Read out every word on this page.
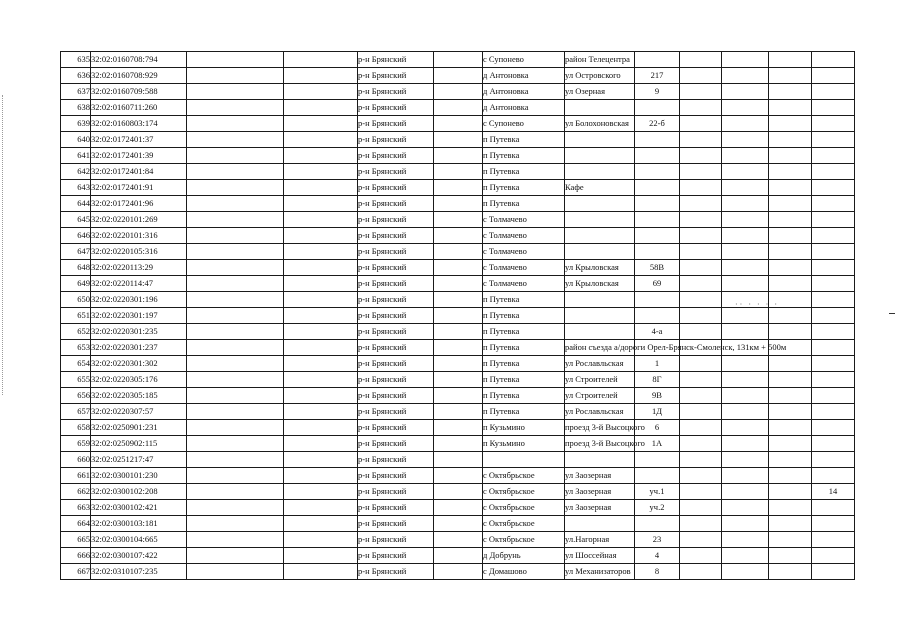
635	32:02:0160708:794			р-н Брянский		с Супонево	район Телецентра					
636	32:02:0160708:929			р-н Брянский		д Антоновка	ул Островского	217				
637	32:02:0160709:588			р-н Брянский		д Антоновка	ул Озерная	9				
638	32:02:0160711:260			р-н Брянский		д Антоновка						
639	32:02:0160803:174			р-н Брянский		с Супонево	ул Болохоновская	22-б				
640	32:02:0172401:37			р-н Брянский		п Путевка						
641	32:02:0172401:39			р-н Брянский		п Путевка						
642	32:02:0172401:84			р-н Брянский		п Путевка						
643	32:02:0172401:91			р-н Брянский		п Путевка	Кафе					
644	32:02:0172401:96			р-н Брянский		п Путевка						
645	32:02:0220101:269			р-н Брянский		с Толмачево						
646	32:02:0220101:316			р-н Брянский		с Толмачево						
647	32:02:0220105:316			р-н Брянский		с Толмачево						
648	32:02:0220113:29			р-н Брянский		с Толмачево	ул Крыловская	58В				
649	32:02:0220114:47			р-н Брянский		с Толмачево	ул Крыловская	69				
650	32:02:0220301:196			р-н Брянский		п Путевка						
651	32:02:0220301:197			р-н Брянский		п Путевка						
652	32:02:0220301:235			р-н Брянский		п Путевка		4-а				
653	32:02:0220301:237			р-н Брянский		п Путевка	район съезда а/дороги Орел-Брянск-Смоленск, 131км + 500м					
654	32:02:0220301:302			р-н Брянский		п Путевка	ул Рославльская	1				
655	32:02:0220305:176			р-н Брянский		п Путевка	ул Строителей	8Г				
656	32:02:0220305:185			р-н Брянский		п Путевка	ул Строителей	9В				
657	32:02:0220307:57			р-н Брянский		п Путевка	ул Рославльская	1Д				
658	32:02:0250901:231			р-н Брянский		п Кузьмино	проезд 3-й Высоцкого	6				
659	32:02:0250902:115			р-н Брянский		п Кузьмино	проезд 3-й Высоцкого	1А				
660	32:02:0251217:47			р-н Брянский								
661	32:02:0300101:230			р-н Брянский		с Октябрьское	ул Заозерная					
662	32:02:0300102:208			р-н Брянский		с Октябрьское	ул Заозерная	уч.1				14
663	32:02:0300102:421			р-н Брянский		с Октябрьское	ул Заозерная	уч.2				
664	32:02:0300103:181			р-н Брянский		с Октябрьское						
665	32:02:0300104:665			р-н Брянский		с Октябрьское	ул.Нагорная	23				
666	32:02:0300107:422			р-н Брянский		д Добрунь	ул Шоссейная	4				
667	32:02:0310107:235			р-н Брянский		с Домашово	ул Механизаторов	8				
·· · · · ·
